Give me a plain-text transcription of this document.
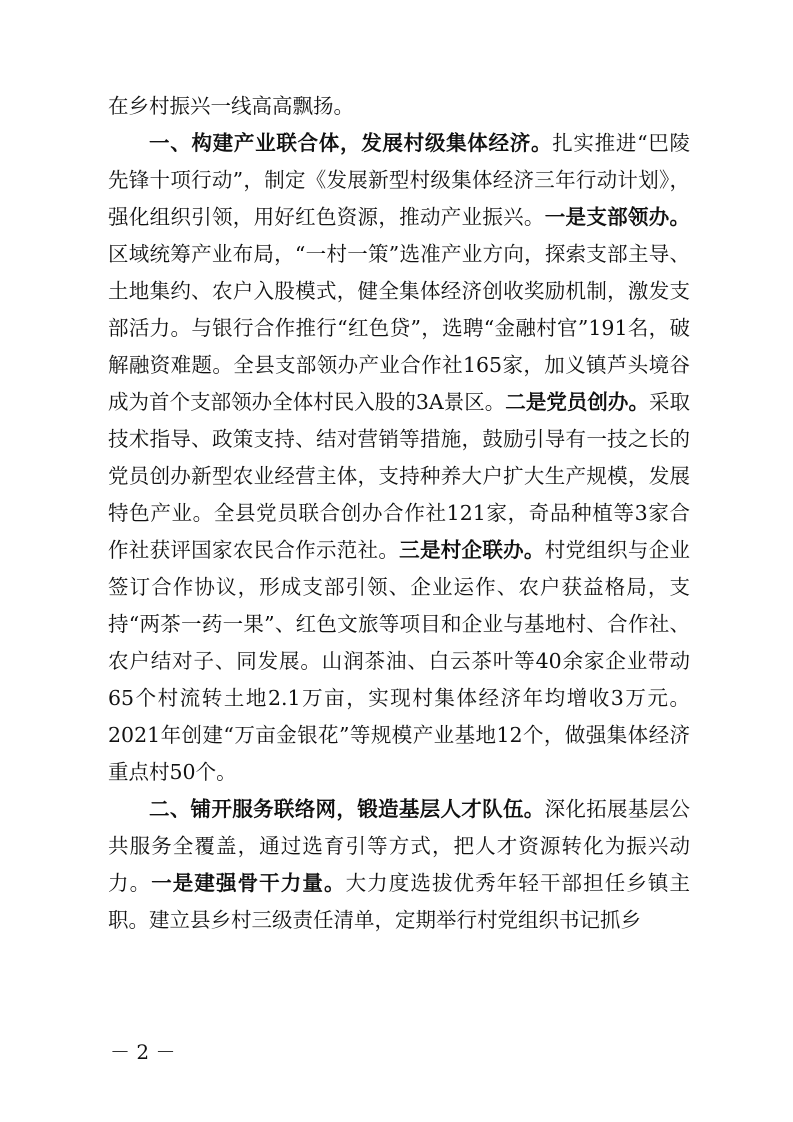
在乡村振兴一线高高飘扬。

一、构建产业联合体，发展村级集体经济。扎实推进“巴陵先锋十项行动”，制定《发展新型村级集体经济三年行动计划》，强化组织引领，用好红色资源，推动产业振兴。一是支部领办。区域统筹产业布局，“一村一策”选准产业方向，探索支部主导、土地集约、农户入股模式，健全集体经济创收奖励机制，激发支部活力。与银行合作推行“红色贷”，选聘“金融村官”191名，破解融资难题。全县支部领办产业合作社165家，加义镇芦头境谷成为首个支部领办全体村民入股的3A景区。二是党员创办。采取技术指导、政策支持、结对营销等措施，鼓励引导有一技之长的党员创办新型农业经营主体，支持种养大户扩大生产规模，发展特色产业。全县党员联合创办合作社121家，奇品种植等3家合作社获评国家农民合作示范社。三是村企联办。村党组织与企业签订合作协议，形成支部引领、企业运作、农户获益格局，支持“两茶一药一果”、红色文旅等项目和企业与基地村、合作社、农户结对子、同发展。山润茶油、白云茶叶等40余家企业带动65个村流转土地2.1万亩，实现村集体经济年均增收3万元。2021年创建“万亩金银花”等规模产业基地12个，做强集体经济重点村50个。

二、铺开服务联络网，锻造基层人才队伍。深化拓展基层公共服务全覆盖，通过选育引等方式，把人才资源转化为振兴动力。一是建强骨干力量。大力度选拔优秀年轻干部担任乡镇主职。建立县乡村三级责任清单，定期举行村党组织书记抓乡

－ 2 －
